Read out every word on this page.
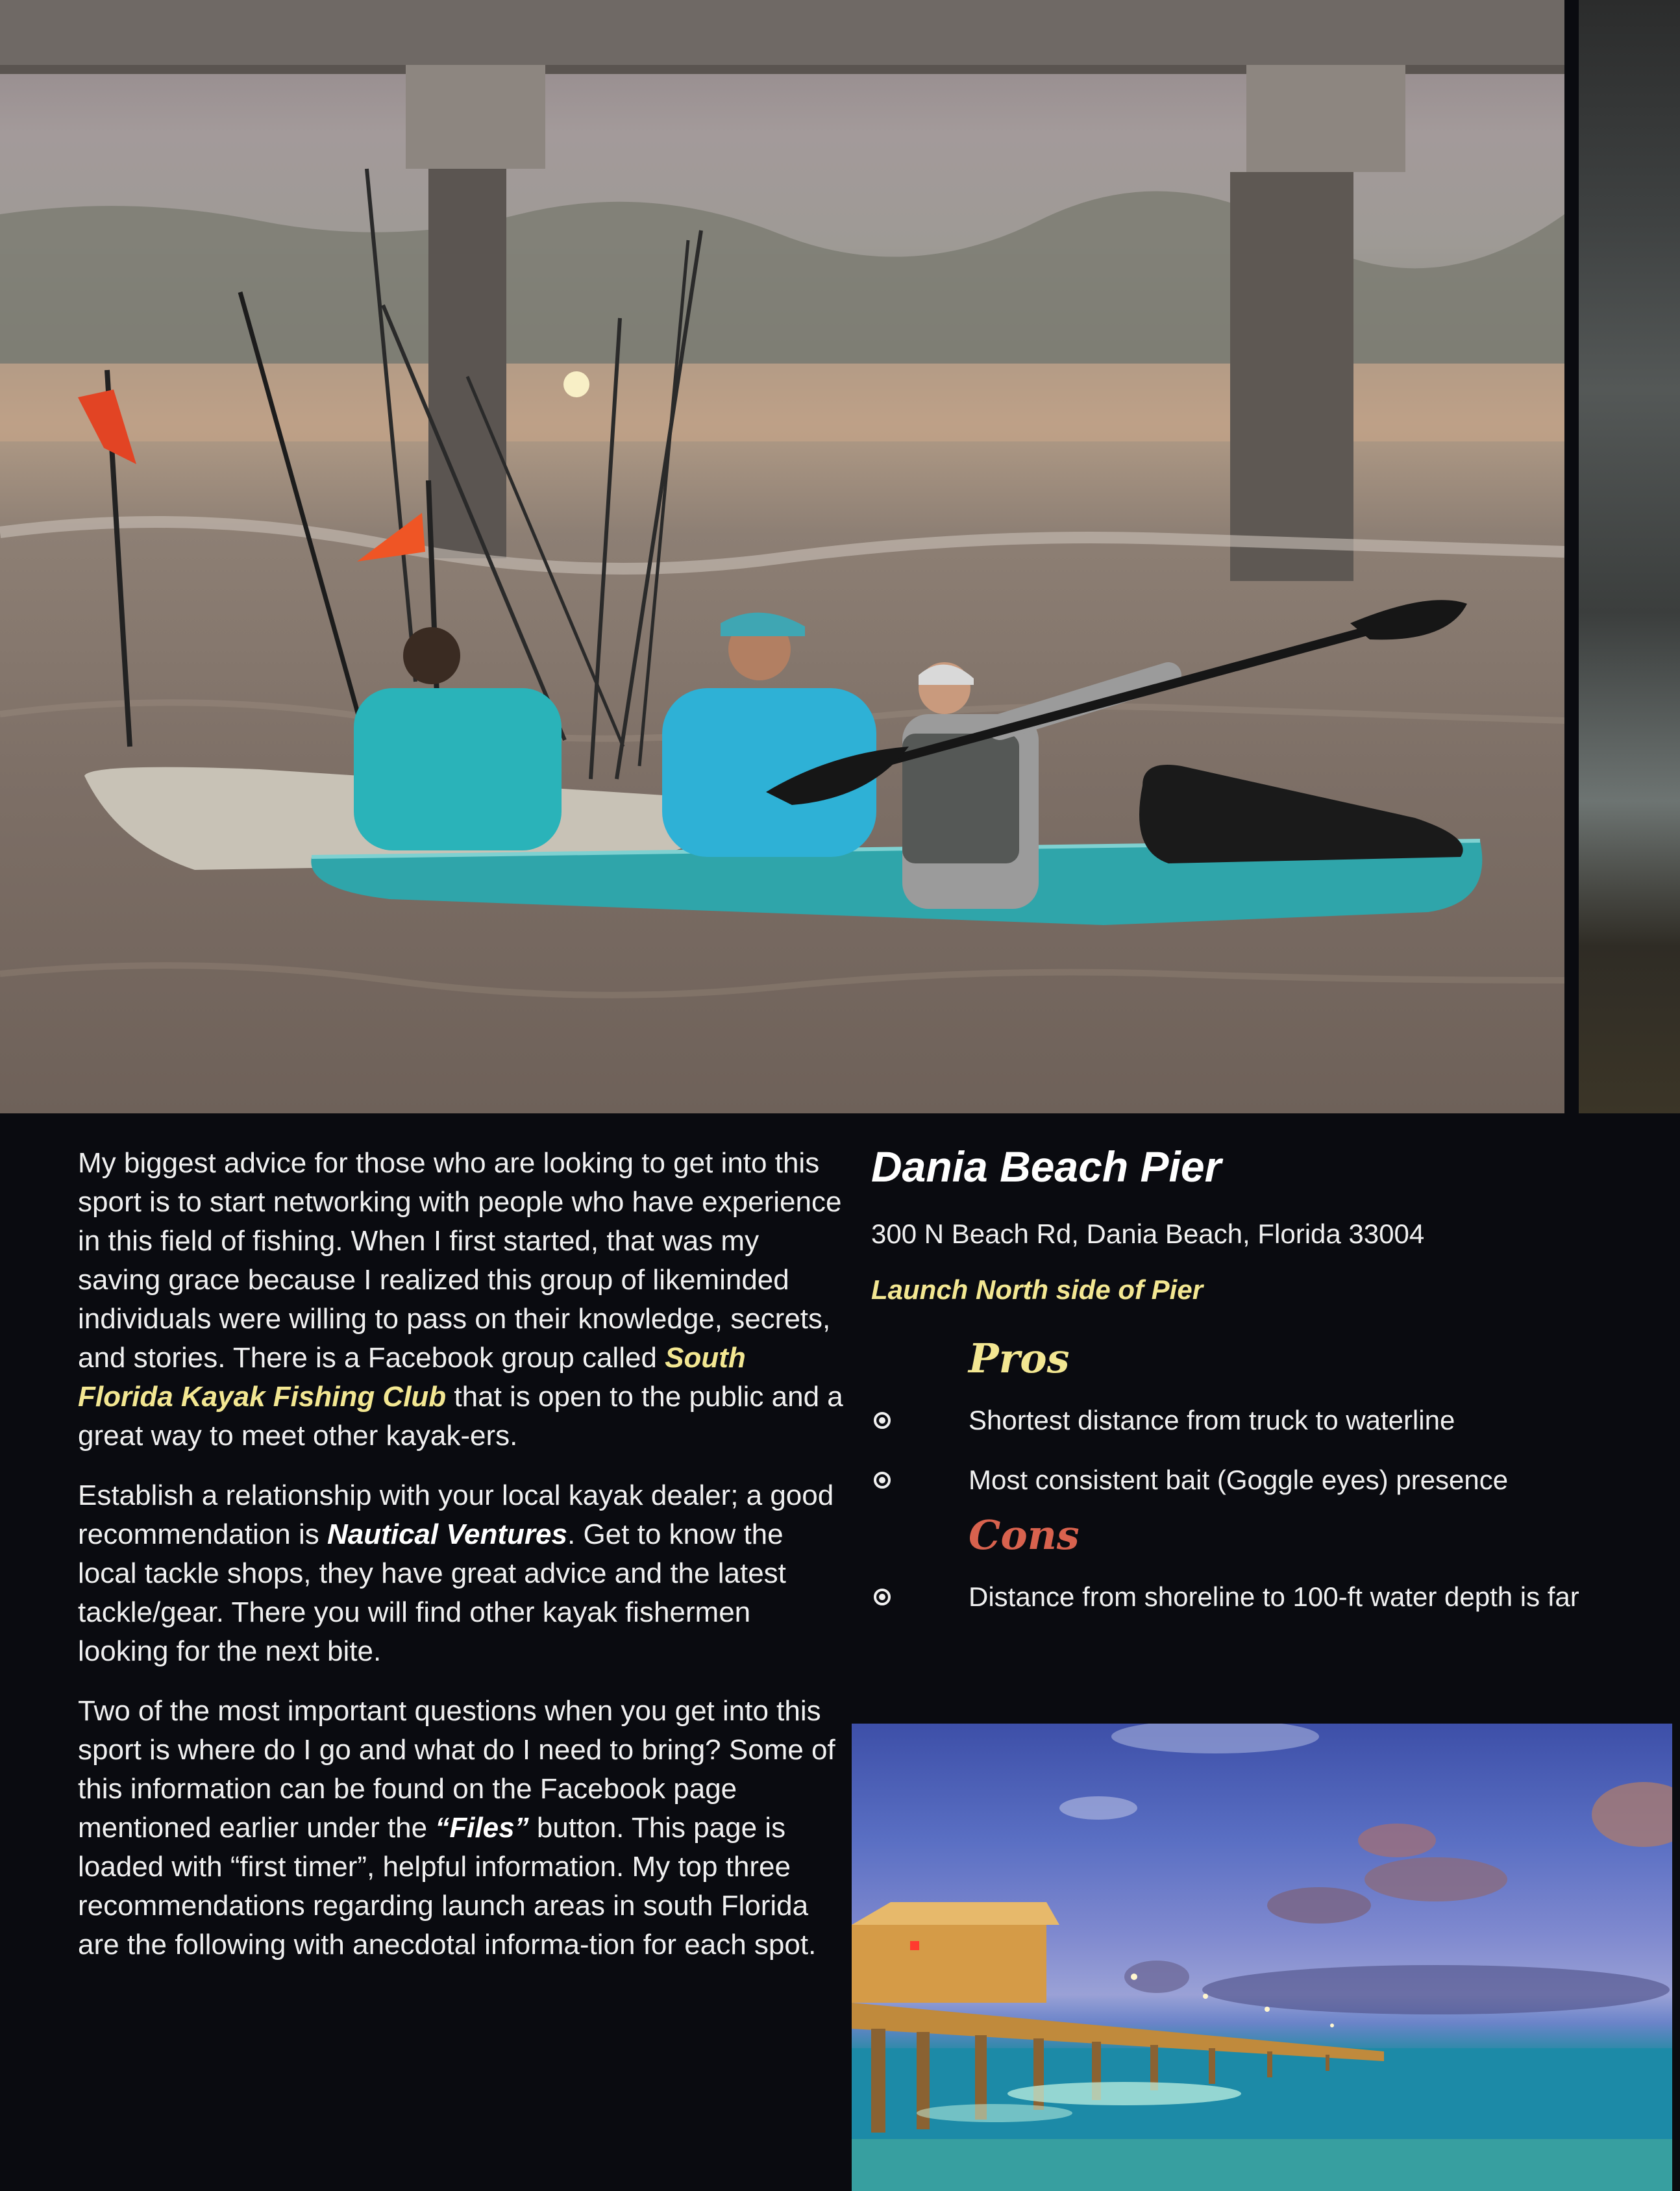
My biggest advice for those who are looking to get into this sport is to start networking with people who have experience in this field of fishing. When I first started, that was my saving grace because I realized this group of likeminded individuals were willing to pass on their knowledge, secrets, and stories. There is a Facebook group called South Florida Kayak Fishing Club that is open to the public and a great way to meet other kayak-ers.

Establish a relationship with your local kayak dealer; a good recommendation is Nautical Ventures. Get to know the local tackle shops, they have great advice and the latest tackle/gear. There you will find other kayak fishermen looking for the next bite.

Two of the most important questions when you get into this sport is where do I go and what do I need to bring? Some of this information can be found on the Facebook page mentioned earlier under the “Files” button. This page is loaded with “first timer”, helpful information. My top three recommendations regarding launch areas in south Florida are the following with anecdotal informa-tion for each spot.

Dania Beach Pier
300 N Beach Rd, Dania Beach, Florida 33004
Launch North side of Pier
Pros
Shortest distance from truck to waterline
Most consistent bait (Goggle eyes) presence
Cons
Distance from shoreline to 100-ft water depth is far
